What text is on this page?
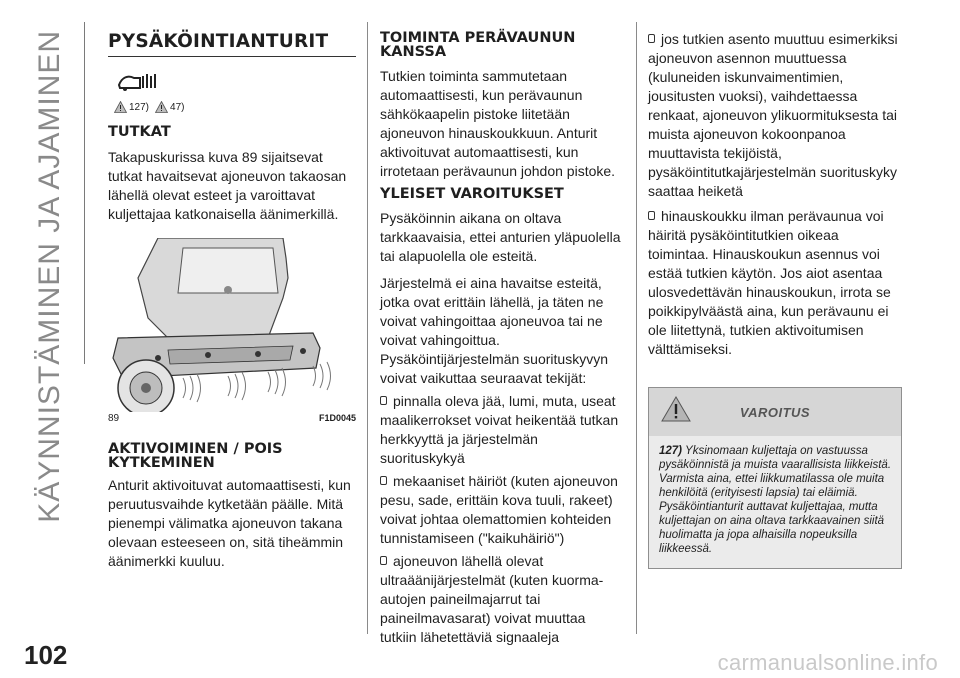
KÄYNNISTÄMINEN JA AJAMINEN
102	carmanualsonline.info
PYSÄKÖINTIANTURIT
127) 47)
TUTKAT

Takapuskurissa kuva 89 sijaitsevat tutkat havaitsevat ajoneuvon takaosan lähellä olevat esteet ja varoittavat kuljettajaa katkonaisella äänimerkillä.

89	F1D0045
AKTIVOIMINEN / POIS KYTKEMINEN

Anturit aktivoituvat automaattisesti, kun peruutusvaihde kytketään päälle. Mitä pienempi välimatka ajoneuvon takana olevaan esteeseen on, sitä tiheämmin äänimerkki kuuluu.

TOIMINTA PERÄVAUNUN KANSSA

Tutkien toiminta sammutetaan automaattisesti, kun perävaunun sähkökaapelin pistoke liitetään ajoneuvon hinauskoukkuun. Anturit aktivoituvat automaattisesti, kun irrotetaan perävaunun johdon pistoke.

YLEISET VAROITUKSET

Pysäköinnin aikana on oltava tarkkaavaisia, ettei anturien yläpuolella tai alapuolella ole esteitä.

Järjestelmä ei aina havaitse esteitä, jotka ovat erittäin lähellä, ja täten ne voivat vahingoittaa ajoneuvoa tai ne voivat vahingoittua.

Pysäköintijärjestelmän suorituskyvyn voivat vaikuttaa seuraavat tekijät:

pinnalla oleva jää, lumi, muta, useat maalikerrokset voivat heikentää tutkan herkkyyttä ja järjestelmän suorituskykyä

mekaaniset häiriöt (kuten ajoneuvon pesu, sade, erittäin kova tuuli, rakeet) voivat johtaa olemattomien kohteiden tunnistamiseen ("kaikuhäiriö")

ajoneuvon lähellä olevat ultraäänijärjestelmät (kuten kuorma-autojen paineilmajarrut tai paineilmavasarat) voivat muuttaa tutkiin lähetettäviä signaaleja

jos tutkien asento muuttuu esimerkiksi ajoneuvon asennon muuttuessa (kuluneiden iskunvaimentimien, jousitusten vuoksi), vaihdettaessa renkaat, ajoneuvon ylikuormituksesta tai muista ajoneuvon kokoonpanoa muuttavista tekijöistä, pysäköintitutkajärjestelmän suorituskyky saattaa heiketä

hinauskoukku ilman perävaunua voi häiritä pysäköintitutkien oikeaa toimintaa. Hinauskoukun asennus voi estää tutkien käytön. Jos aiot asentaa ulosvedettävän hinauskoukun, irrota se poikkipylväästä aina, kun perävaunu ei ole liitettynä, tutkien aktivoitumisen välttämiseksi.

VAROITUS
127) Yksinomaan kuljettaja on vastuussa pysäköinnistä ja muista vaarallisista liikkeistä. Varmista aina, ettei liikkumatilassa ole muita henkilöitä (erityisesti lapsia) tai eläimiä. Pysäköintianturit auttavat kuljettajaa, mutta kuljettajan on aina oltava tarkkaavainen siitä huolimatta ja jopa alhaisilla nopeuksilla liikkeessä.
